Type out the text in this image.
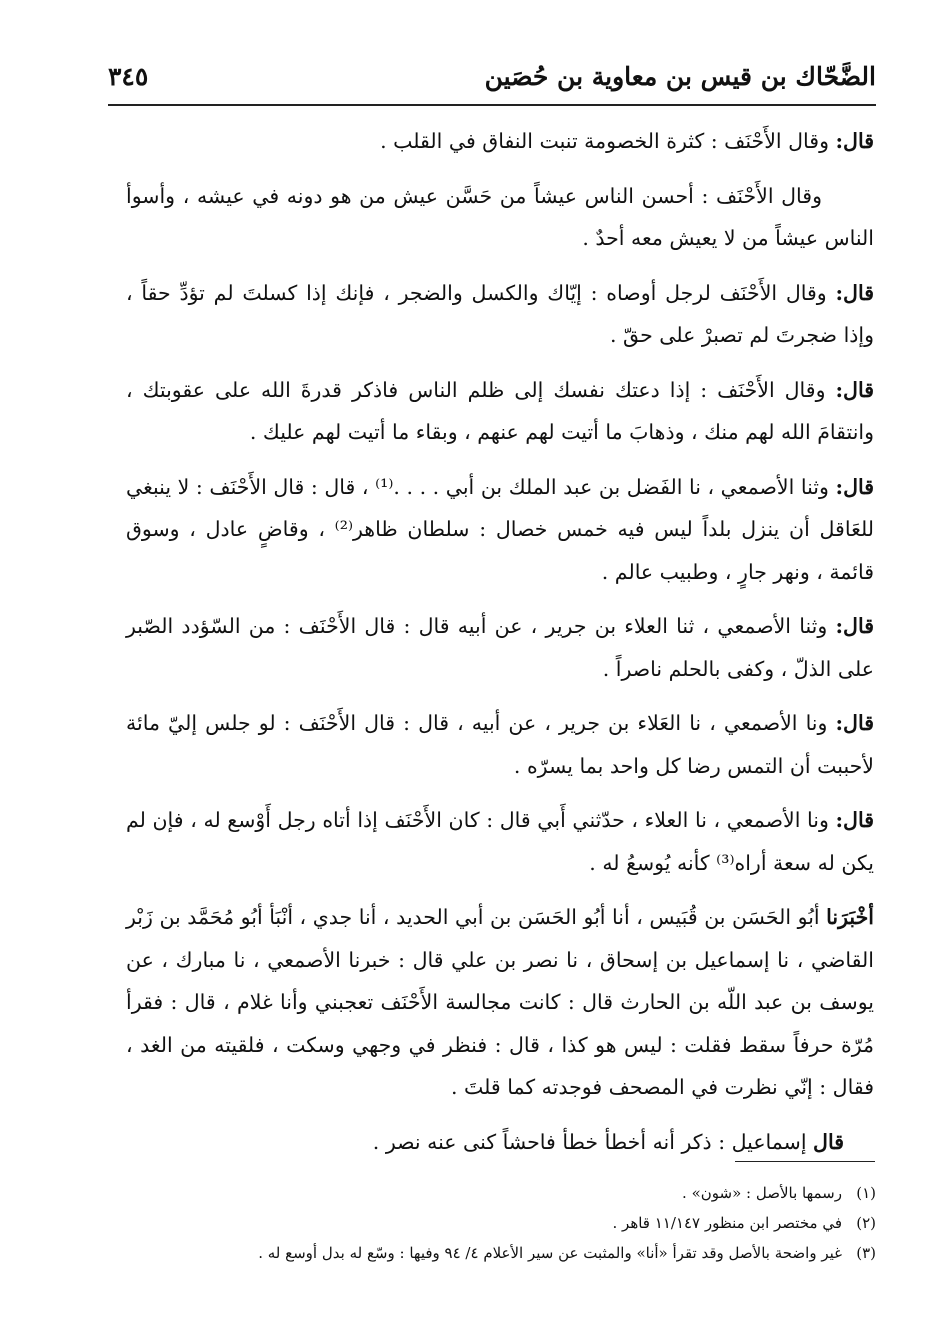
الضَّحّاك بن قيس بن معاوية بن حُصَين
٣٤٥

قال: وقال الأَحْنَف : كثرة الخصومة تنبت النفاق في القلب .

وقال الأَحْنَف : أحسن الناس عيشاً من حَسَّن عيش من هو دونه في عيشه ، وأسوأ الناس عيشاً من لا يعيش معه أحدٌ .

قال: وقال الأَحْنَف لرجل أوصاه : إيّاك والكسل والضجر ، فإنك إذا كسلتَ لم تؤدِّ حقاً ، وإذا ضجرتَ لم تصبرْ على حقّ .

قال: وقال الأَحْنَف : إذا دعتك نفسك إلى ظلم الناس فاذكر قدرةَ الله على عقوبتك ، وانتقامَ الله لهم منك ، وذهابَ ما أتيت لهم عنهم ، وبقاء ما أتيت لهم عليك .

قال: وثنا الأصمعي ، نا الفَضل بن عبد الملك بن أبي . . . .⁽¹⁾ ، قال : قال الأَحْنَف : لا ينبغي للعَاقل أن ينزل بلداً ليس فيه خمس خصال : سلطان ظاهر⁽²⁾ ، وقاضٍ عادل ، وسوق قائمة ، ونهر جارٍ ، وطبيب عالم .

قال: وثنا الأصمعي ، ثنا العلاء بن جرير ، عن أبيه قال : قال الأَحْنَف : من السّؤدد الصّبر على الذلّ ، وكفى بالحلم ناصراً .

قال: ونا الأصمعي ، نا العَلاء بن جرير ، عن أبيه ، قال : قال الأَحْنَف : لو جلس إليّ مائة لأحببت أن التمس رضا كل واحد بما يسرّه .

قال: ونا الأصمعي ، نا العلاء ، حدّثني أَبي قال : كان الأَحْنَف إذا أتاه رجل أَوْسع له ، فإن لم يكن له سعة أراه⁽³⁾ كأنه يُوسعُ له .

أخْبَرَنا أبُو الحَسَن بن قُبَيس ، أنا أبُو الحَسَن بن أبي الحديد ، أنا جدي ، أنْبَأ أبُو مُحَمَّد بن زَبْر القاضي ، نا إسماعيل بن إسحاق ، نا نصر بن علي قال : خبرنا الأصمعي ، نا مبارك ، عن يوسف بن عبد اللّه بن الحارث قال : كانت مجالسة الأَحْنَف تعجبني وأنا غلام ، قال : فقرأ مُرّة حرفاً سقط فقلت : ليس هو كذا ، قال : فنظر في وجهي وسكت ، فلقيته من الغد ، فقال : إنّي نظرت في المصحف فوجدته كما قلتَ .

قال إسماعيل : ذكر أنه أخطأ خطأ فاحشاً كنى عنه نصر .

(١)رسمها بالأصل : «شون» .
(٢)في مختصر ابن منظور ١١/١٤٧ قاهر .
(٣)غير واضحة بالأصل وقد تقرأ «أنا» والمثبت عن سير الأعلام ٤/ ٩٤ وفيها : وسّع له بدل أوسع له .
